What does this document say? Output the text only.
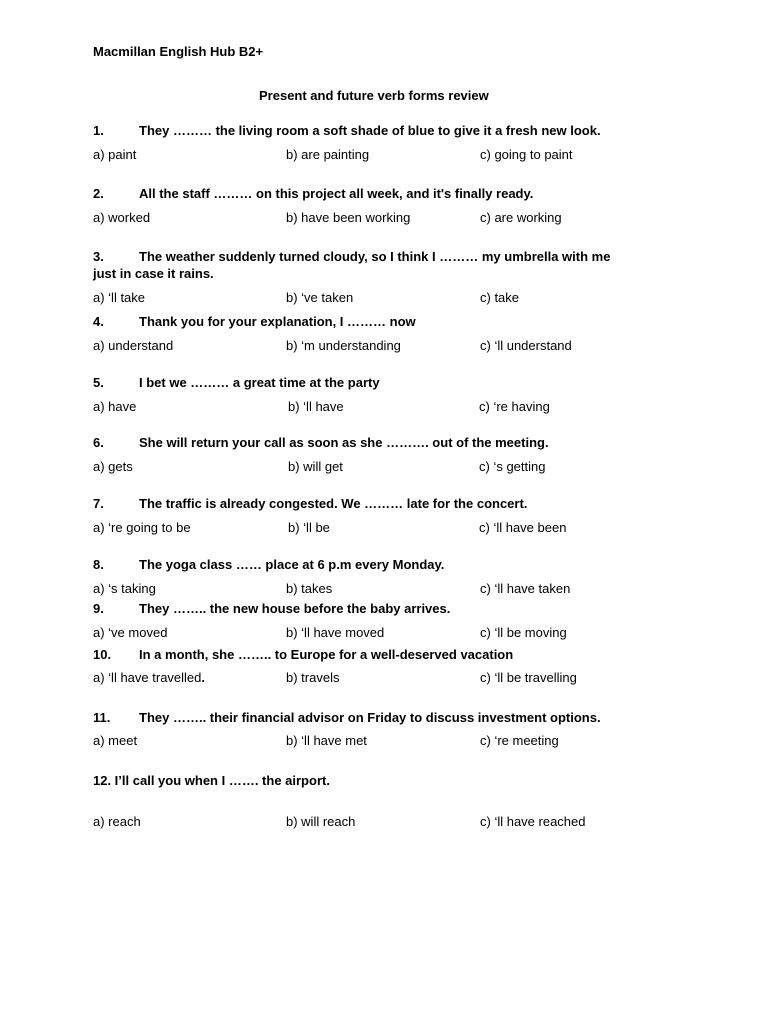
Macmillan English Hub B2+
Present and future verb forms review
1.	They ……… the living room a soft shade of blue to give it a fresh new look.
a) paint	b) are painting	c) going to paint
2.	All the staff ……… on this project all week, and it's finally ready.
a) worked	b) have been working	c) are working
3.	The weather suddenly turned cloudy, so I think I ……… my umbrella with me
just in case it rains.
a) ‘ll take	b) ‘ve taken	c) take
4.	Thank you for your explanation, I ……… now
a) understand	b) ‘m understanding	c) ‘ll understand
5.	I bet we ……… a great time at the party
a) have	b) ‘ll have	c) ‘re having
6.	She will return your call as soon as she ………. out of the meeting.
a) gets	b) will get	c) ‘s getting
7.	The traffic is already congested. We ……… late for the concert.
a) ‘re going to be	b) ‘ll be	c) ‘ll have been
8.	The yoga class …… place at 6 p.m every Monday.
a) ‘s taking	b) takes	c) ‘ll have taken
9.	They …….. the new house before the baby arrives.
a) ‘ve moved	b) ‘ll have moved	c) ‘ll be moving
10. In a month, she …….. to Europe for a well-deserved vacation
a) ‘ll have travelled.	b) travels	c) ‘ll be travelling
11. They …….. their financial advisor on Friday to discuss investment options.
a) meet	b) ‘ll have met	c) ‘re meeting
12. I’ll call you when I ……. the airport.
a) reach	b) will reach	c) ‘ll have reached
